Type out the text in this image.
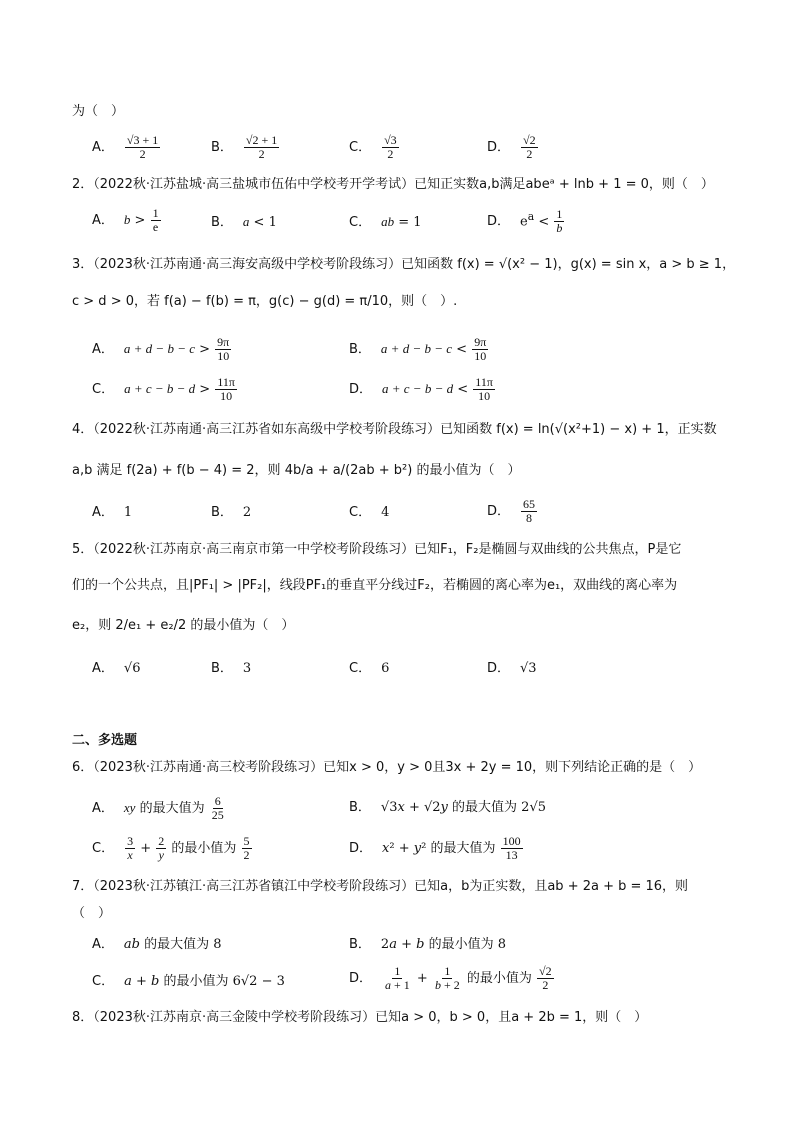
为（　）
A． $\frac{√3 + 1}{2}$	B． $\frac{√2 + 1}{2}$	C． $\frac{√3}{2}$	D． $\frac{√2}{2}$
2．（2022秋·江苏盐城·高三盐城市伍佑中学校考开学考试）已知正实数a,b满足abeᵃ + lnb + 1 = 0，则（　）
A． $b > \frac{1}{e}$	B． a < 1	C． ab = 1	D． $e^a < \frac{1}{b}$
3．（2023秋·江苏南通·高三海安高级中学校考阶段练习）已知函数 f(x) = √(x² − 1)，g(x) = sin x，a > b ≥ 1，
c > d > 0，若 f(a) − f(b) = π，g(c) − g(d) = π/10，则（　）.
A． $a + d - b - c > \frac{9\pi}{10}$	B． $a + d - b - c < \frac{9\pi}{10}$
C． $a + c - b - d > \frac{11\pi}{10}$	D． $a + c - b - d < \frac{11\pi}{10}$
4．（2022秋·江苏南通·高三江苏省如东高级中学校考阶段练习）已知函数 f(x) = ln(√(x²+1) − x) + 1，正实数
a,b 满足 f(2a) + f(b − 4) = 2，则 4b/a + a/(2ab + b²) 的最小值为（　）
A． 1	B． 2	C． 4	D． $\frac{65}{8}$
5．（2022秋·江苏南京·高三南京市第一中学校考阶段练习）已知F₁，F₂是椭圆与双曲线的公共焦点，P是它
们的一个公共点，且|PF₁| > |PF₂|，线段PF₁的垂直平分线过F₂，若椭圆的离心率为e₁，双曲线的离心率为
e₂，则 2/e₁ + e₂/2 的最小值为（　）
A． √6	B． 3	C． 6	D． √3
二、多选题
6．（2023秋·江苏南通·高三校考阶段练习）已知x > 0，y > 0且3x + 2y = 10，则下列结论正确的是（　）
A． xy 的最大值为 $\frac{6}{25}$	B． √3x + √2y 的最大值为 2√5
C． $\frac{3}{x} + \frac{2}{y}$ 的最小值为 $\frac{5}{2}$	D． x² + y² 的最大值为 $\frac{100}{13}$
7．（2023秋·江苏镇江·高三江苏省镇江中学校考阶段练习）已知a，b为正实数，且ab + 2a + b = 16，则
（　）
A． ab 的最大值为 8	B． 2a + b 的最小值为 8
C． a + b 的最小值为 6√2 − 3	D． $\frac{1}{a + 1} + \frac{1}{b + 2}$ 的最小值为 $\frac{√2}{2}$
8．（2023秋·江苏南京·高三金陵中学校考阶段练习）已知a > 0，b > 0，且a + 2b = 1，则（　）
